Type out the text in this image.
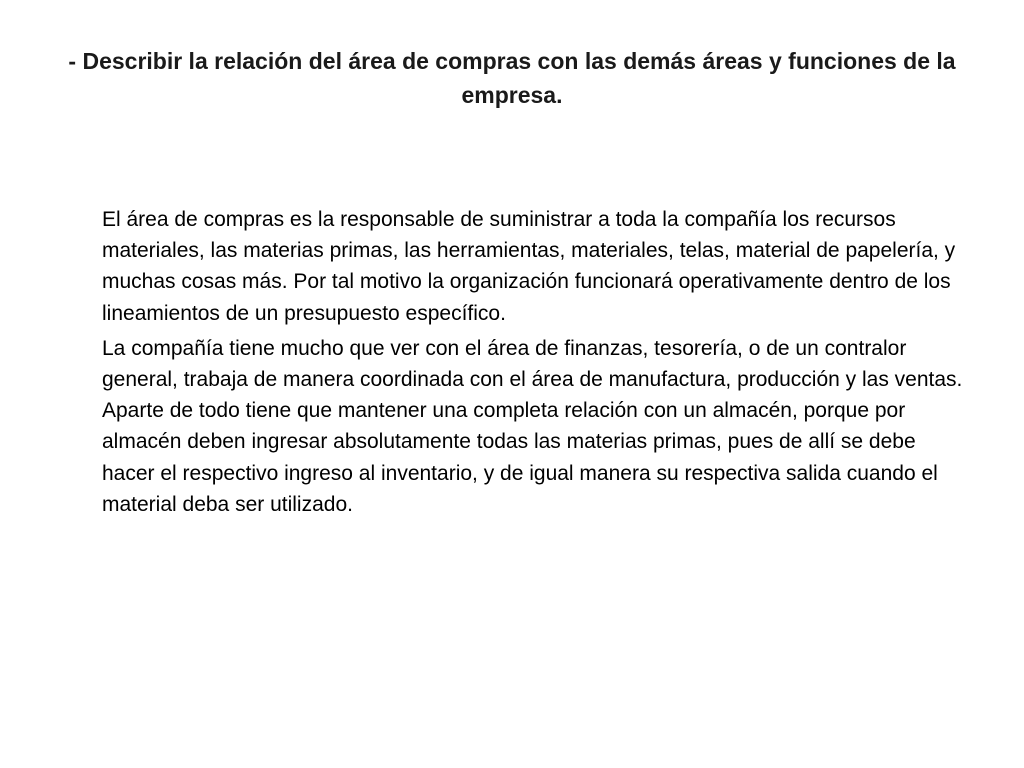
- Describir la relación del área de compras con las demás áreas y funciones de la empresa.

El área de compras es la responsable de suministrar a toda la compañía los recursos materiales, las materias primas, las herramientas, materiales, telas, material de papelería, y muchas cosas más. Por tal motivo la organización funcionará operativamente dentro de los lineamientos de un presupuesto específico.

La compañía tiene mucho que ver con el área de finanzas, tesorería, o de un contralor general, trabaja de manera coordinada con el área de manufactura, producción y las ventas. Aparte de todo tiene que mantener una completa relación con un almacén, porque por almacén deben ingresar absolutamente todas las materias primas, pues de allí se debe hacer el respectivo ingreso al inventario, y de igual manera su respectiva salida cuando el material deba ser utilizado.
